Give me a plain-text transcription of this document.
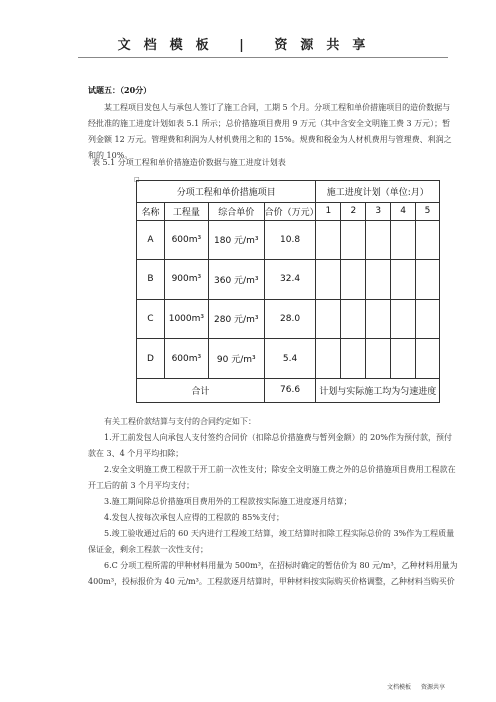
文档模板 | 资源共享
试题五：（20分）

某工程项目发包人与承包人签订了施工合同，工期 5 个月。分项工程和单价措施项目的造价数据与经批准的施工进度计划如表 5.1 所示；总价措施项目费用 9 万元（其中含安全文明施工费 3 万元）；暂列金额 12 万元。管理费和利润为人材机费用之和的 15%。规费和税金为人材机费用与管理费、利润之和的 10%。

表 5.1 分项工程和单价措施造价数据与施工进度计划表
□
分项工程和单价措施项目				施工进度计划（单位:月）				
名称	工程量	综合单价	合价（万元）	1	2	3	4	5
A	600m³	180 元/m³	10.8					
B	900m³	360 元/m³	32.4					
C	1000m³	280 元/m³	28.0					
D	600m³	90 元/m³	5.4					
合计			76.6	计划与实际施工均为匀速进度				

有关工程价款结算与支付的合同约定如下：

1.开工前发包人向承包人支付签约合同价（扣除总价措施费与暂列金额）的 20%作为预付款，预付款在 3、4 个月平均扣除；

2.安全文明施工费工程款于开工前一次性支付；除安全文明施工费之外的总价措施项目费用工程款在开工后的前 3 个月平均支付；

3.施工期间除总价措施项目费用外的工程款按实际施工进度逐月结算；

4.发包人按每次承包人应得的工程款的 85%支付；

5.竣工验收通过后的 60 天内进行工程竣工结算，竣工结算时扣除工程实际总价的 3%作为工程质量保证金，剩余工程款一次性支付；

6.C 分项工程所需的甲种材料用量为 500m³，在招标时确定的暂估价为 80 元/m³，乙种材料用量为 400m³，投标报价为 40 元/m³。工程款逐月结算时，甲种材料按实际购买价格调整，乙种材料当购买价

文档模板 资源共享
